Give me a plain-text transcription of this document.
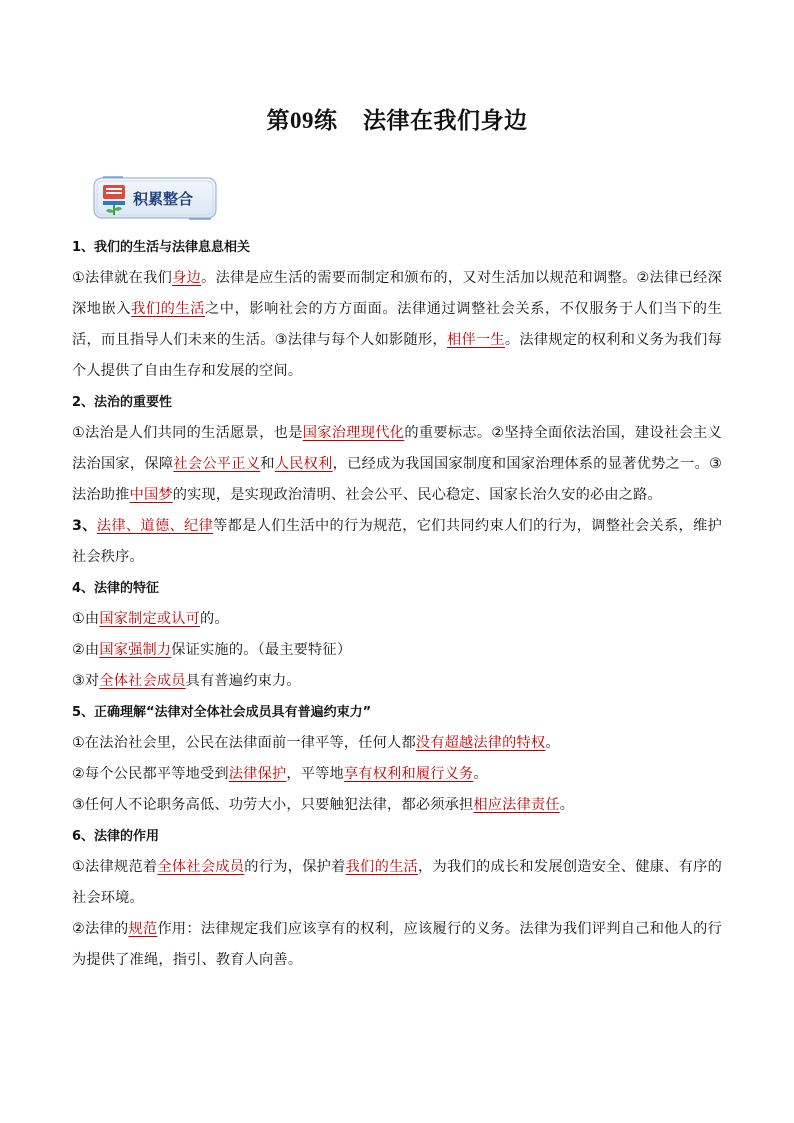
第09练 法律在我们身边
积累整合
1、我们的生活与法律息息相关
①法律就在我们身边。法律是应生活的需要而制定和颁布的，又对生活加以规范和调整。②法律已经深深地嵌入我们的生活之中，影响社会的方方面面。法律通过调整社会关系，不仅服务于人们当下的生活，而且指导人们未来的生活。③法律与每个人如影随形，相伴一生。法律规定的权利和义务为我们每个人提供了自由生存和发展的空间。
2、法治的重要性
①法治是人们共同的生活愿景，也是国家治理现代化的重要标志。②坚持全面依法治国，建设社会主义法治国家，保障社会公平正义和人民权利，已经成为我国国家制度和国家治理体系的显著优势之一。③法治助推中国梦的实现，是实现政治清明、社会公平、民心稳定、国家长治久安的必由之路。
3、法律、道德、纪律等都是人们生活中的行为规范，它们共同约束人们的行为，调整社会关系，维护社会秩序。
4、法律的特征
①由国家制定或认可的。
②由国家强制力保证实施的。（最主要特征）
③对全体社会成员具有普遍约束力。
5、正确理解“法律对全体社会成员具有普遍约束力”
①在法治社会里，公民在法律面前一律平等，任何人都没有超越法律的特权。
②每个公民都平等地受到法律保护，平等地享有权利和履行义务。
③任何人不论职务高低、功劳大小，只要触犯法律，都必须承担相应法律责任。
6、法律的作用
①法律规范着全体社会成员的行为，保护着我们的生活，为我们的成长和发展创造安全、健康、有序的社会环境。
②法律的规范作用：法律规定我们应该享有的权利，应该履行的义务。法律为我们评判自己和他人的行为提供了准绳，指引、教育人向善。
